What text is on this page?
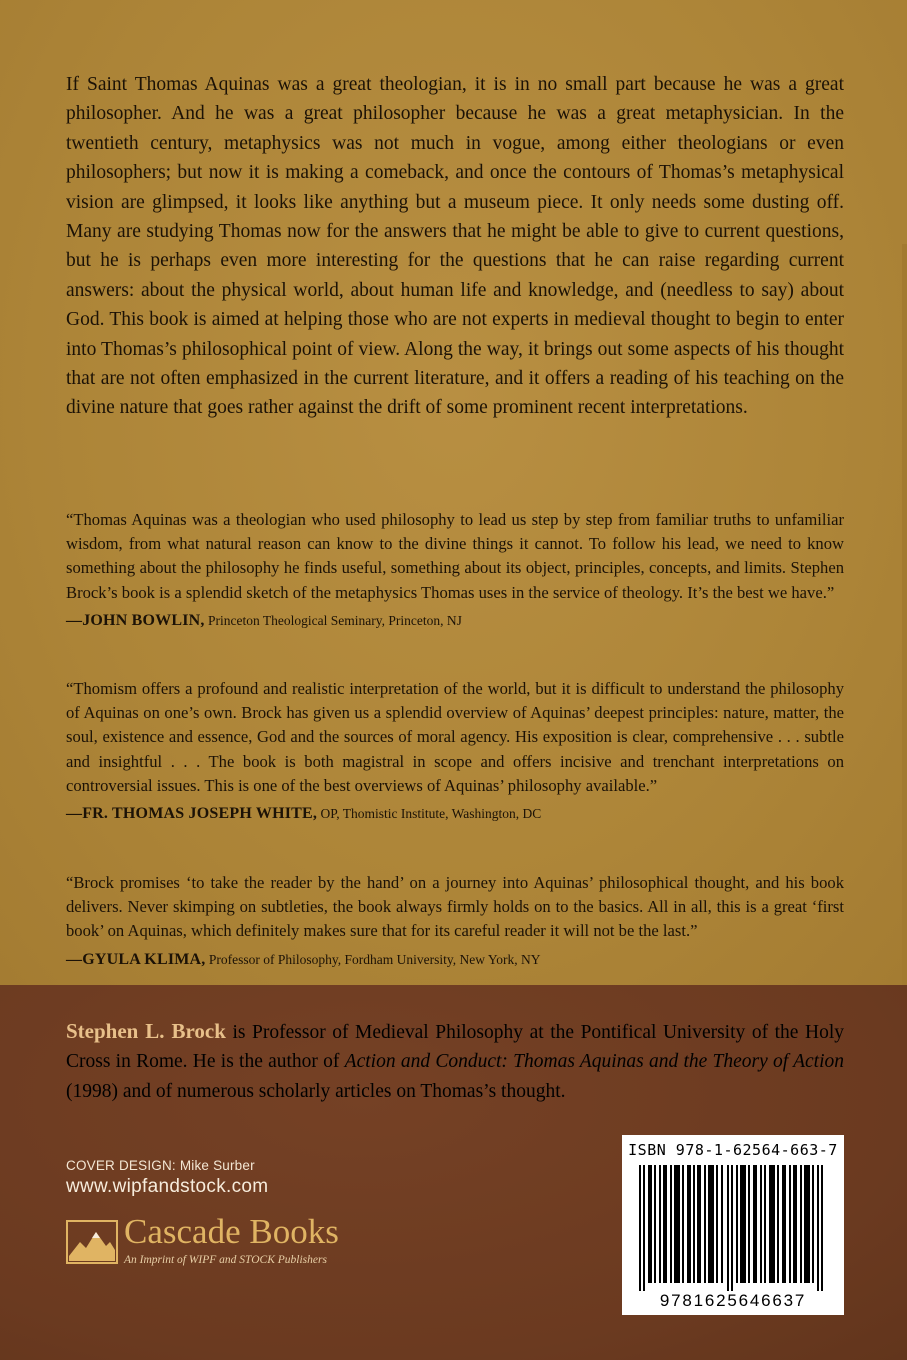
If Saint Thomas Aquinas was a great theologian, it is in no small part because he was a great philosopher. And he was a great philosopher because he was a great metaphysician. In the twentieth century, metaphysics was not much in vogue, among either theologians or even philosophers; but now it is making a comeback, and once the contours of Thomas’s metaphysical vision are glimpsed, it looks like anything but a museum piece. It only needs some dusting off. Many are studying Thomas now for the answers that he might be able to give to current questions, but he is perhaps even more interesting for the questions that he can raise regarding current answers: about the physical world, about human life and knowledge, and (needless to say) about God. This book is aimed at helping those who are not experts in medieval thought to begin to enter into Thomas’s philosophical point of view. Along the way, it brings out some aspects of his thought that are not often emphasized in the current literature, and it offers a reading of his teaching on the divine nature that goes rather against the drift of some prominent recent interpretations.

“Thomas Aquinas was a theologian who used philosophy to lead us step by step from familiar truths to unfamiliar wisdom, from what natural reason can know to the divine things it cannot. To follow his lead, we need to know something about the philosophy he finds useful, something about its object, principles, concepts, and limits. Stephen Brock’s book is a splendid sketch of the metaphysics Thomas uses in the service of theology. It’s the best we have.”

—JOHN BOWLIN, Princeton Theological Seminary, Princeton, NJ

“Thomism offers a profound and realistic interpretation of the world, but it is difficult to understand the philosophy of Aquinas on one’s own. Brock has given us a splendid overview of Aquinas’ deepest principles: nature, matter, the soul, existence and essence, God and the sources of moral agency. His exposition is clear, comprehensive . . . subtle and insightful . . . The book is both magistral in scope and offers incisive and trenchant interpretations on controversial issues. This is one of the best overviews of Aquinas’ philosophy available.”

—FR. THOMAS JOSEPH WHITE, OP, Thomistic Institute, Washington, DC

“Brock promises ‘to take the reader by the hand’ on a journey into Aquinas’ philosophical thought, and his book delivers. Never skimping on subtleties, the book always firmly holds on to the basics. All in all, this is a great ‘first book’ on Aquinas, which definitely makes sure that for its careful reader it will not be the last.”

—GYULA KLIMA, Professor of Philosophy, Fordham University, New York, NY

Stephen L. Brock is Professor of Medieval Philosophy at the Pontifical University of the Holy Cross in Rome. He is the author of Action and Conduct: Thomas Aquinas and the Theory of Action (1998) and of numerous scholarly articles on Thomas’s thought.

COVER DESIGN: Mike Surber
www.wipfandstock.com
Cascade Books
An Imprint of WIPF and STOCK Publishers
ISBN 978-1-62564-663-7
9781625646637
